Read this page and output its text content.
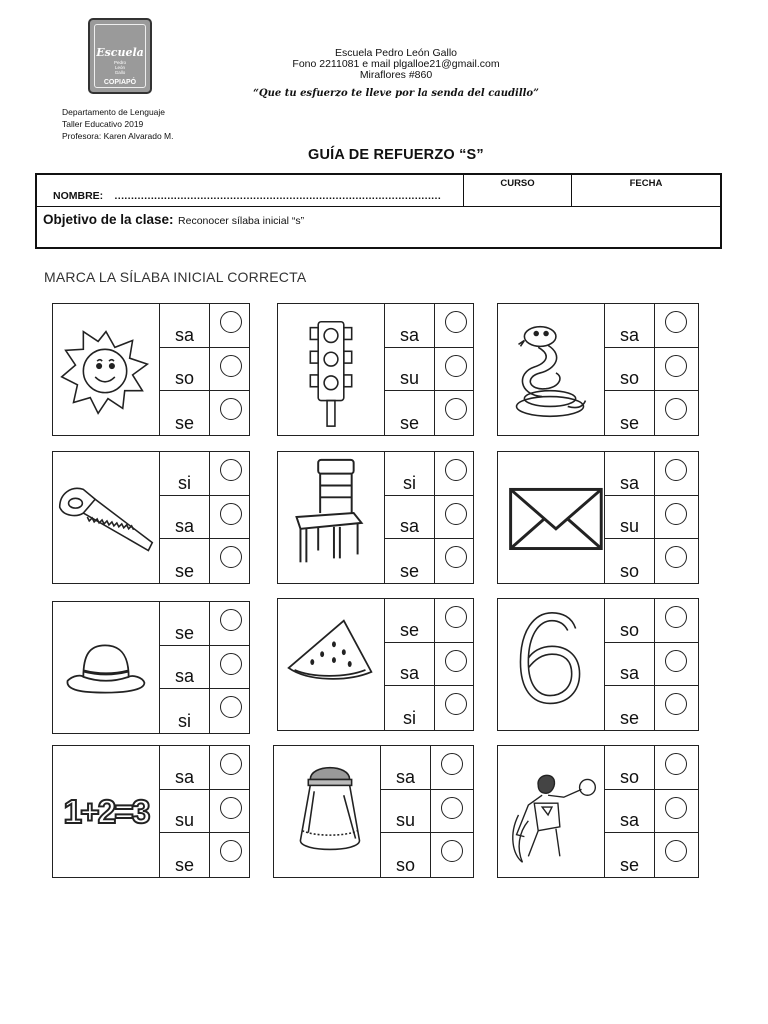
Escuela
Pedro
León
Gallo
COPIAPÓ
Escuela Pedro León Gallo
Fono 2211081 e mail plgalloe21@gmail.com
Miraflores #860
“Que tu esfuerzo te lleve por la senda del caudillo”
Departamento de Lenguaje
Taller Educativo 2019
Profesora: Karen Alvarado M.
GUÍA DE REFUERZO “S”
NOMBRE: ………………………………………………………………………………………
CURSO	FECHA
Objetivo de la clase: Reconocer sílaba inicial “s”
MARCA LA SÍLABA INICIAL CORRECTA
sa
so
se
sa
su
se
sa
so
se
si
sa
se
si
sa
se
sa
su
so
se
sa
si
se
sa
si
so
sa
se
1+2=3
sa
su
se
sa
su
so
so
sa
se
